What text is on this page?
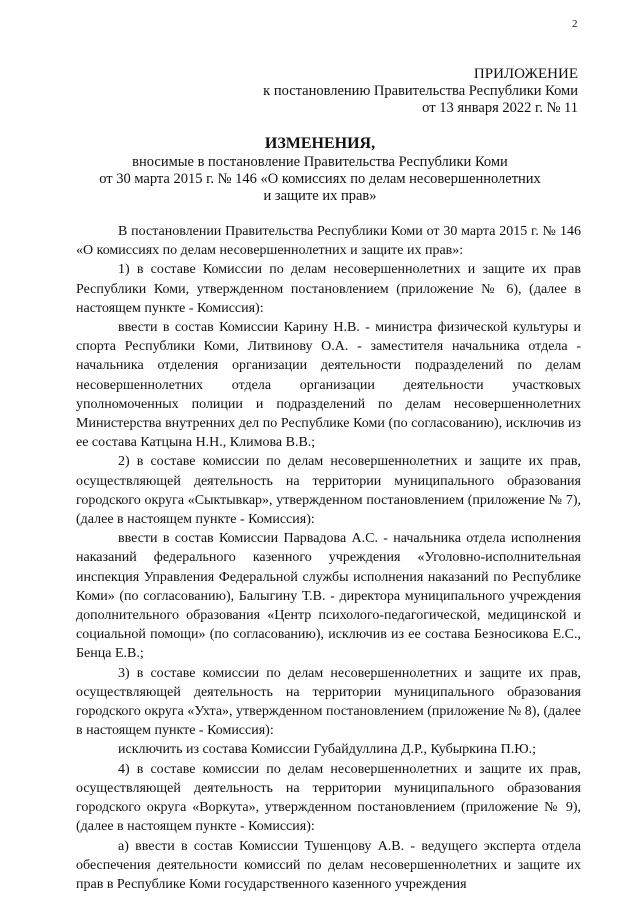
2
ПРИЛОЖЕНИЕ
к постановлению Правительства Республики Коми
от 13 января 2022 г. № 11
ИЗМЕНЕНИЯ,
вносимые в постановление Правительства Республики Коми
от 30 марта 2015 г. № 146 «О комиссиях по делам несовершеннолетних
и защите их прав»

В постановлении Правительства Республики Коми от 30 марта 2015 г. № 146 «О комиссиях по делам несовершеннолетних и защите их прав»:

1) в составе Комиссии по делам несовершеннолетних и защите их прав Республики Коми, утвержденном постановлением (приложение № 6), (далее в настоящем пункте - Комиссия):

ввести в состав Комиссии Карину Н.В. - министра физической культуры и спорта Республики Коми, Литвинову О.А. - заместителя начальника отдела - начальника отделения организации деятельности подразделений по делам несовершеннолетних отдела организации деятельности участковых уполномоченных полиции и подразделений по делам несовершеннолетних Министерства внутренних дел по Республике Коми (по согласованию), исключив из ее состава Катцына Н.Н., Климова В.В.;

2) в составе комиссии по делам несовершеннолетних и защите их прав, осуществляющей деятельность на территории муниципального образования городского округа «Сыктывкар», утвержденном постановлением (приложение № 7), (далее в настоящем пункте - Комиссия):

ввести в состав Комиссии Парвадова А.С. - начальника отдела исполнения наказаний федерального казенного учреждения «Уголовно-исполнительная инспекция Управления Федеральной службы исполнения наказаний по Республике Коми» (по согласованию), Балыгину Т.В. - директора муниципального учреждения дополнительного образования «Центр психолого-педагогической, медицинской и социальной помощи» (по согласованию), исключив из ее состава Безносикова Е.С., Бенца Е.В.;

3) в составе комиссии по делам несовершеннолетних и защите их прав, осуществляющей деятельность на территории муниципального образования городского округа «Ухта», утвержденном постановлением (приложение № 8), (далее в настоящем пункте - Комиссия):

исключить из состава Комиссии Губайдуллина Д.Р., Кубыркина П.Ю.;

4) в составе комиссии по делам несовершеннолетних и защите их прав, осуществляющей деятельность на территории муниципального образования городского округа «Воркута», утвержденном постановлением (приложение № 9), (далее в настоящем пункте - Комиссия):

а) ввести в состав Комиссии Тушенцову А.В. - ведущего эксперта отдела обеспечения деятельности комиссий по делам несовершеннолетних и защите их прав в Республике Коми государственного казенного учреждения
